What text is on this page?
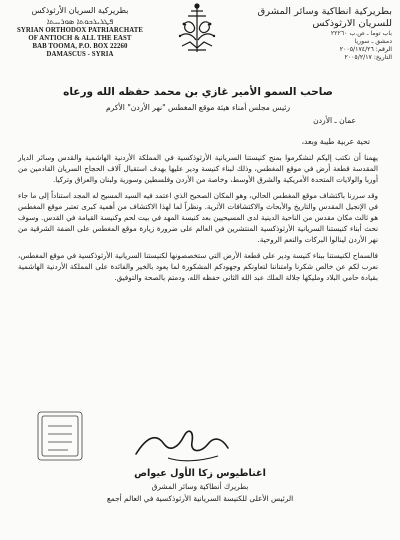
بطريركية السريان الأرثوذكس
ܦܛܪܝܪܟܘܬܐ ܣܘܪܝܝܬܐ
SYRIAN ORTHODOX PATRIARCHATE
OF ANTIOCH & ALL THE EAST
BAB TOOMA, P.O. BOX 22260
DAMASCUS - SYRIA
بطريركية انطاكية وسائر المشرق للسريان الارثوذكس
باب توما ـ ص.ب ٢٢٢٦٠
دمشق ـ سوريا
الرقم: ٢٠٠٥/١٧٤/٢٦
التاريخ: ٢٠٠٥/٢/١٧

صاحب السمو الأمير غازي بن محمد حفظه الله ورعاه

رئيس مجلس أمناء هيئة موقع المغطس "نهر الأردن" الأكرم

عمان ـ الأردن

تحية عربية طيبة وبعد،

يهمنا أن نكتب إليكم لنشكرموا بمنح كنيستنا السريانية الأرثوذكسية في المملكة الأردنية الهاشمية والقدس وسائر الديار المقدسة قطعة أرض في موقع المغطس، وذلك لبناء كنيسة ودير عليها بهدف استقبال آلاف الحجاج السريان القادمين من أوربا والولايات المتحدة الأمريكية والشرق الأوسط، وخاصة من الأردن وفلسطين وسورية ولبنان والعراق وتركيا.

وقد سررنا باكتشاف موقع المغطس الحالي، وهو المكان الصحيح الذي اعتمد فيه السيد المسيح له المجد استناداً إلى ما جاء في الإنجيل المقدس والتاريخ والأبحاث والاكتشافات الأثرية. ونظراً لما لهذا الاكتشاف من أهمية كبرى تعتبر موقع المغطس هو ثالث مكان مقدس من الناحية الدينية لدى المسيحيين بعد كنيسة المهد في بيت لحم وكنيسة القيامة في القدس. وسوف نحث أبناء كنيستنا السريانية الأرثوذكسية المنتشرين في العالم على ضرورة زيارة موقع المغطس على الضفة الشرقية من نهر الأردن لينالوا البركات والنعم الروحية.

فالسماح لكنيستنا ببناء كنيسة ودير على قطعة الأرض التي ستخصصونها لكنيستنا السريانية الأرثوذكسية في موقع المغطس، نعرب لكم عن خالص شكرنا وامتناننا لتعاونكم وجهودكم المشكورة لما يعود بالخير والفائدة على المملكة الأردنية الهاشمية بقيادة حامي البلاد ومليكها جلالة الملك عبد الله الثاني حفظه الله، ودمتم بالصحة والتوفيق.

اغناطيوس زكا الأول عيواص

بطريرك أنطاكية وسائر المشرق

الرئيس الأعلى للكنيسة السريانية الأرثوذكسية في العالم أجمع
